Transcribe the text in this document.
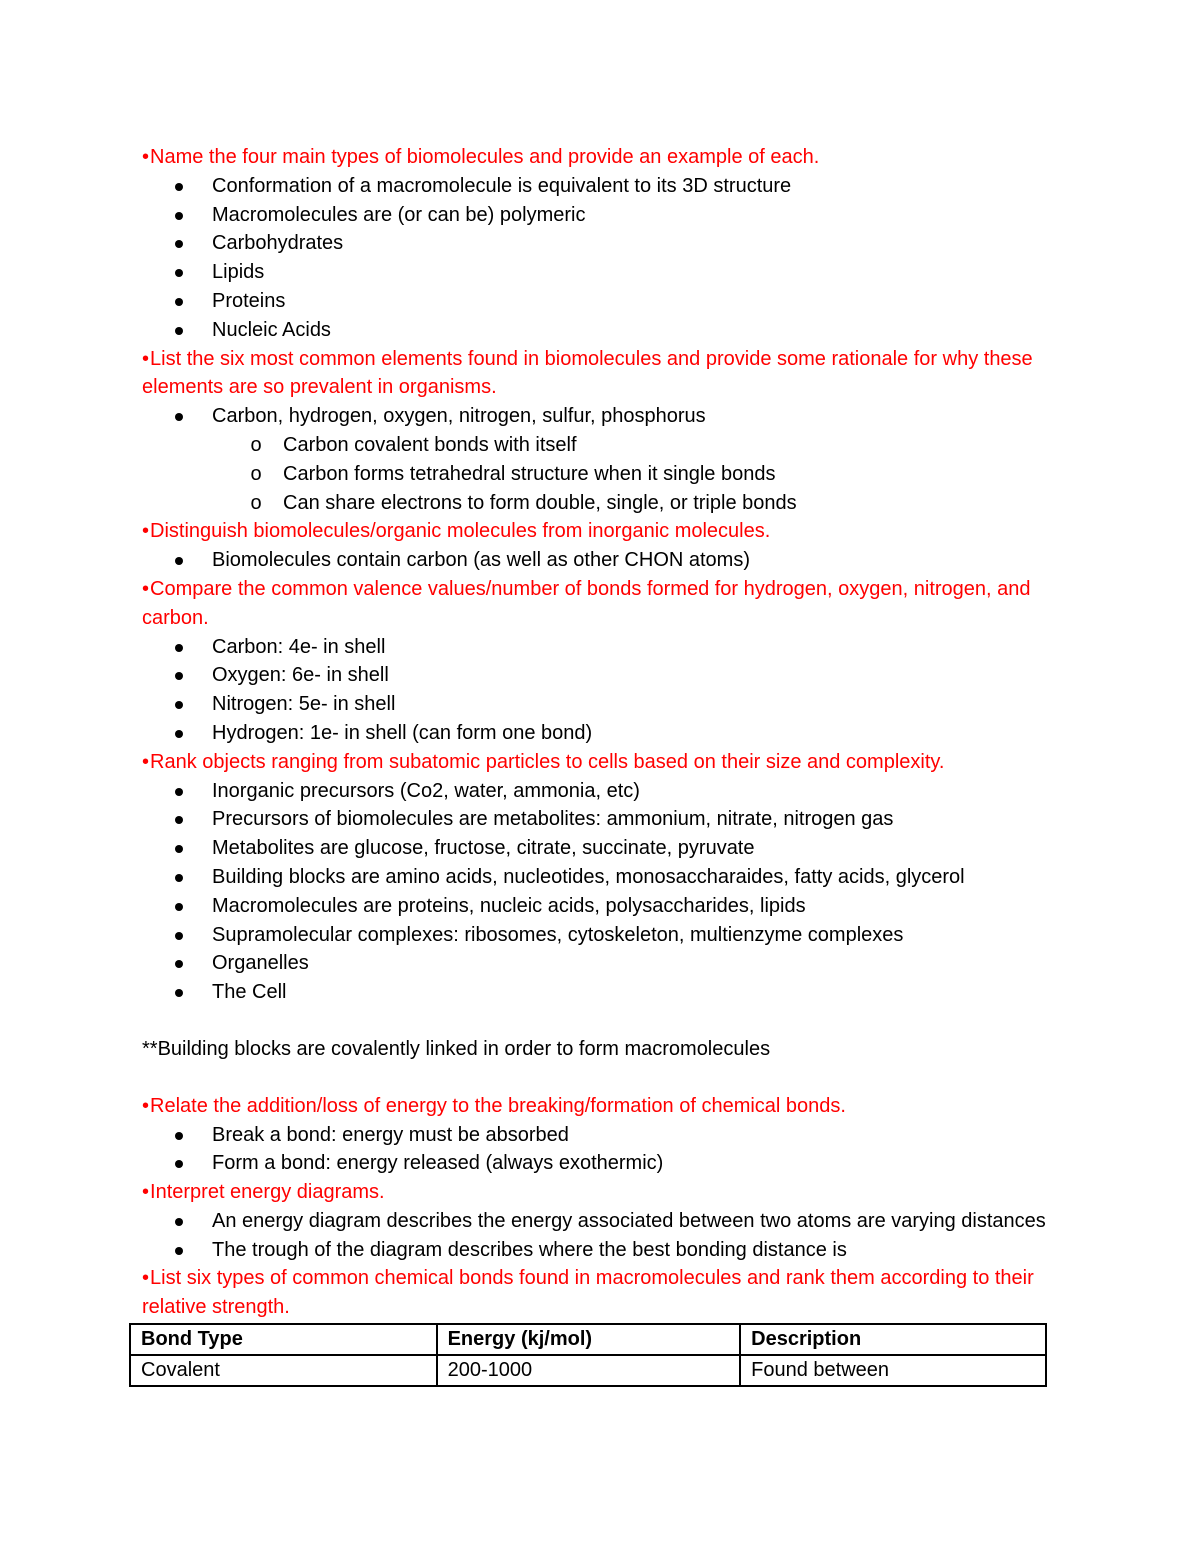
•Name the four main types of biomolecules and provide an example of each.
Conformation of a macromolecule is equivalent to its 3D structure
Macromolecules are (or can be) polymeric
Carbohydrates
Lipids
Proteins
Nucleic Acids
•List the six most common elements found in biomolecules and provide some rationale for why these elements are so prevalent in organisms.
Carbon, hydrogen, oxygen, nitrogen, sulfur, phosphorus
o Carbon covalent bonds with itself
o Carbon forms tetrahedral structure when it single bonds
o Can share electrons to form double, single, or triple bonds
•Distinguish biomolecules/organic molecules from inorganic molecules.
Biomolecules contain carbon (as well as other CHON atoms)
•Compare the common valence values/number of bonds formed for hydrogen, oxygen, nitrogen, and carbon.
Carbon: 4e- in shell
Oxygen: 6e- in shell
Nitrogen: 5e- in shell
Hydrogen: 1e- in shell (can form one bond)
•Rank objects ranging from subatomic particles to cells based on their size and complexity.
Inorganic precursors (Co2, water, ammonia, etc)
Precursors of biomolecules are metabolites: ammonium, nitrate, nitrogen gas
Metabolites are glucose, fructose, citrate, succinate, pyruvate
Building blocks are amino acids, nucleotides, monosaccharaides, fatty acids, glycerol
Macromolecules are proteins, nucleic acids, polysaccharides, lipids
Supramolecular complexes: ribosomes, cytoskeleton, multienzyme complexes
Organelles
The Cell
**Building blocks are covalently linked in order to form macromolecules
•Relate the addition/loss of energy to the breaking/formation of chemical bonds.
Break a bond: energy must be absorbed
Form a bond: energy released (always exothermic)
•Interpret energy diagrams.
An energy diagram describes the energy associated between two atoms are varying distances
The trough of the diagram describes where the best bonding distance is
•List six types of common chemical bonds found in macromolecules and rank them according to their relative strength.
Bond Type	Energy (kj/mol)	Description
Covalent	200-1000	Found between
